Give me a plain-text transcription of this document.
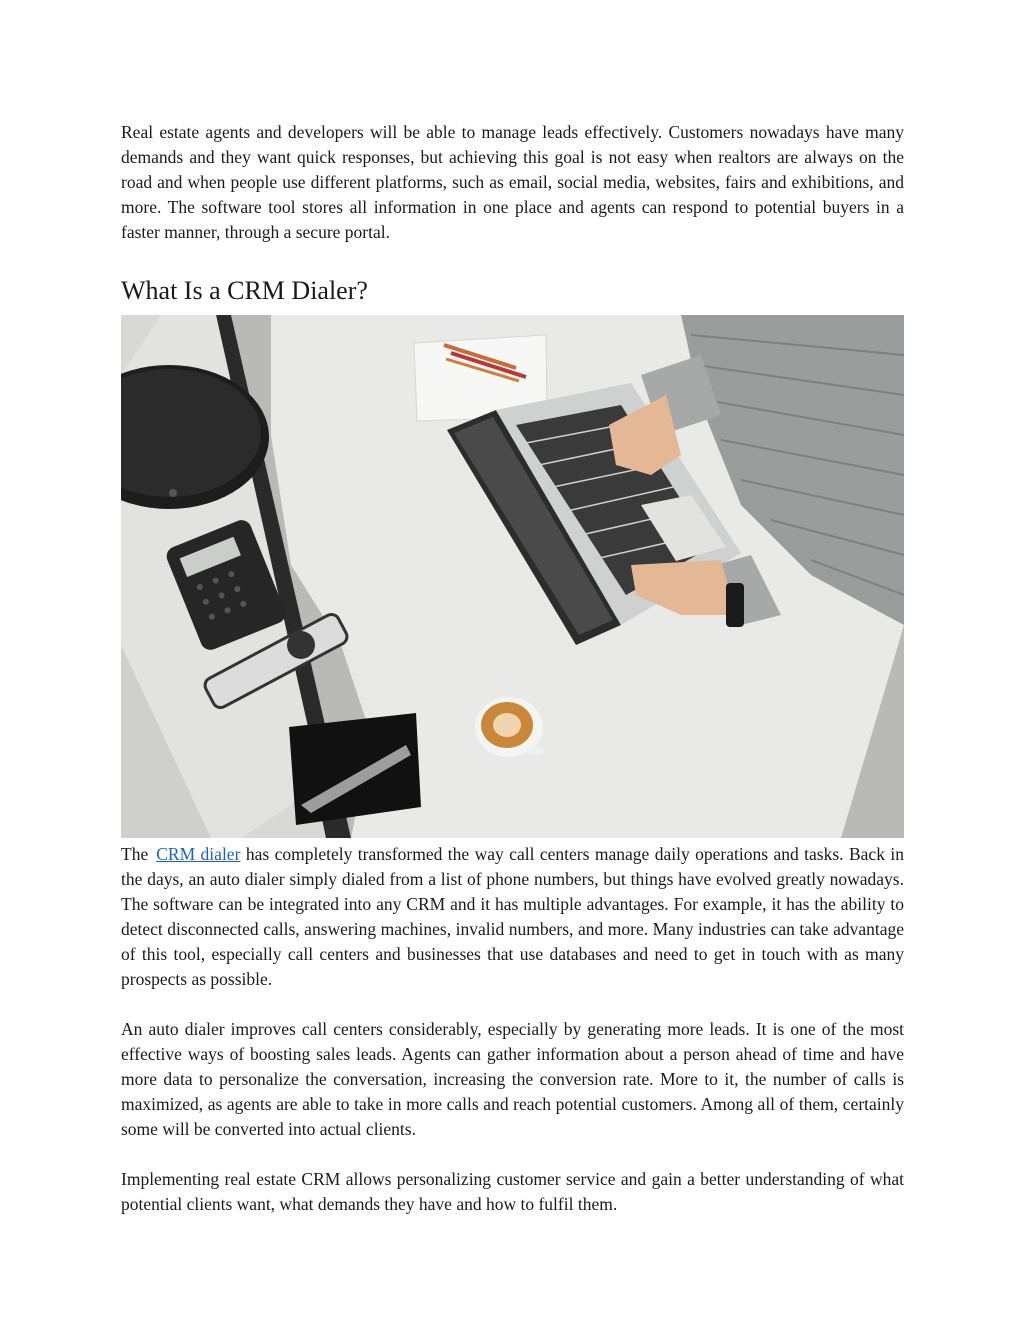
Real estate agents and developers will be able to manage leads effectively. Customers nowadays have many demands and they want quick responses, but achieving this goal is not easy when realtors are always on the road and when people use different platforms, such as email, social media, websites, fairs and exhibitions, and more. The software tool stores all information in one place and agents can respond to potential buyers in a faster manner, through a secure portal.

What Is a CRM Dialer?

The CRM dialer has completely transformed the way call centers manage daily operations and tasks. Back in the days, an auto dialer simply dialed from a list of phone numbers, but things have evolved greatly nowadays. The software can be integrated into any CRM and it has multiple advantages. For example, it has the ability to detect disconnected calls, answering machines, invalid numbers, and more. Many industries can take advantage of this tool, especially call centers and businesses that use databases and need to get in touch with as many prospects as possible.

An auto dialer improves call centers considerably, especially by generating more leads. It is one of the most effective ways of boosting sales leads. Agents can gather information about a person ahead of time and have more data to personalize the conversation, increasing the conversion rate. More to it, the number of calls is maximized, as agents are able to take in more calls and reach potential customers. Among all of them, certainly some will be converted into actual clients.

Implementing real estate CRM allows personalizing customer service and gain a better understanding of what potential clients want, what demands they have and how to fulfil them.
